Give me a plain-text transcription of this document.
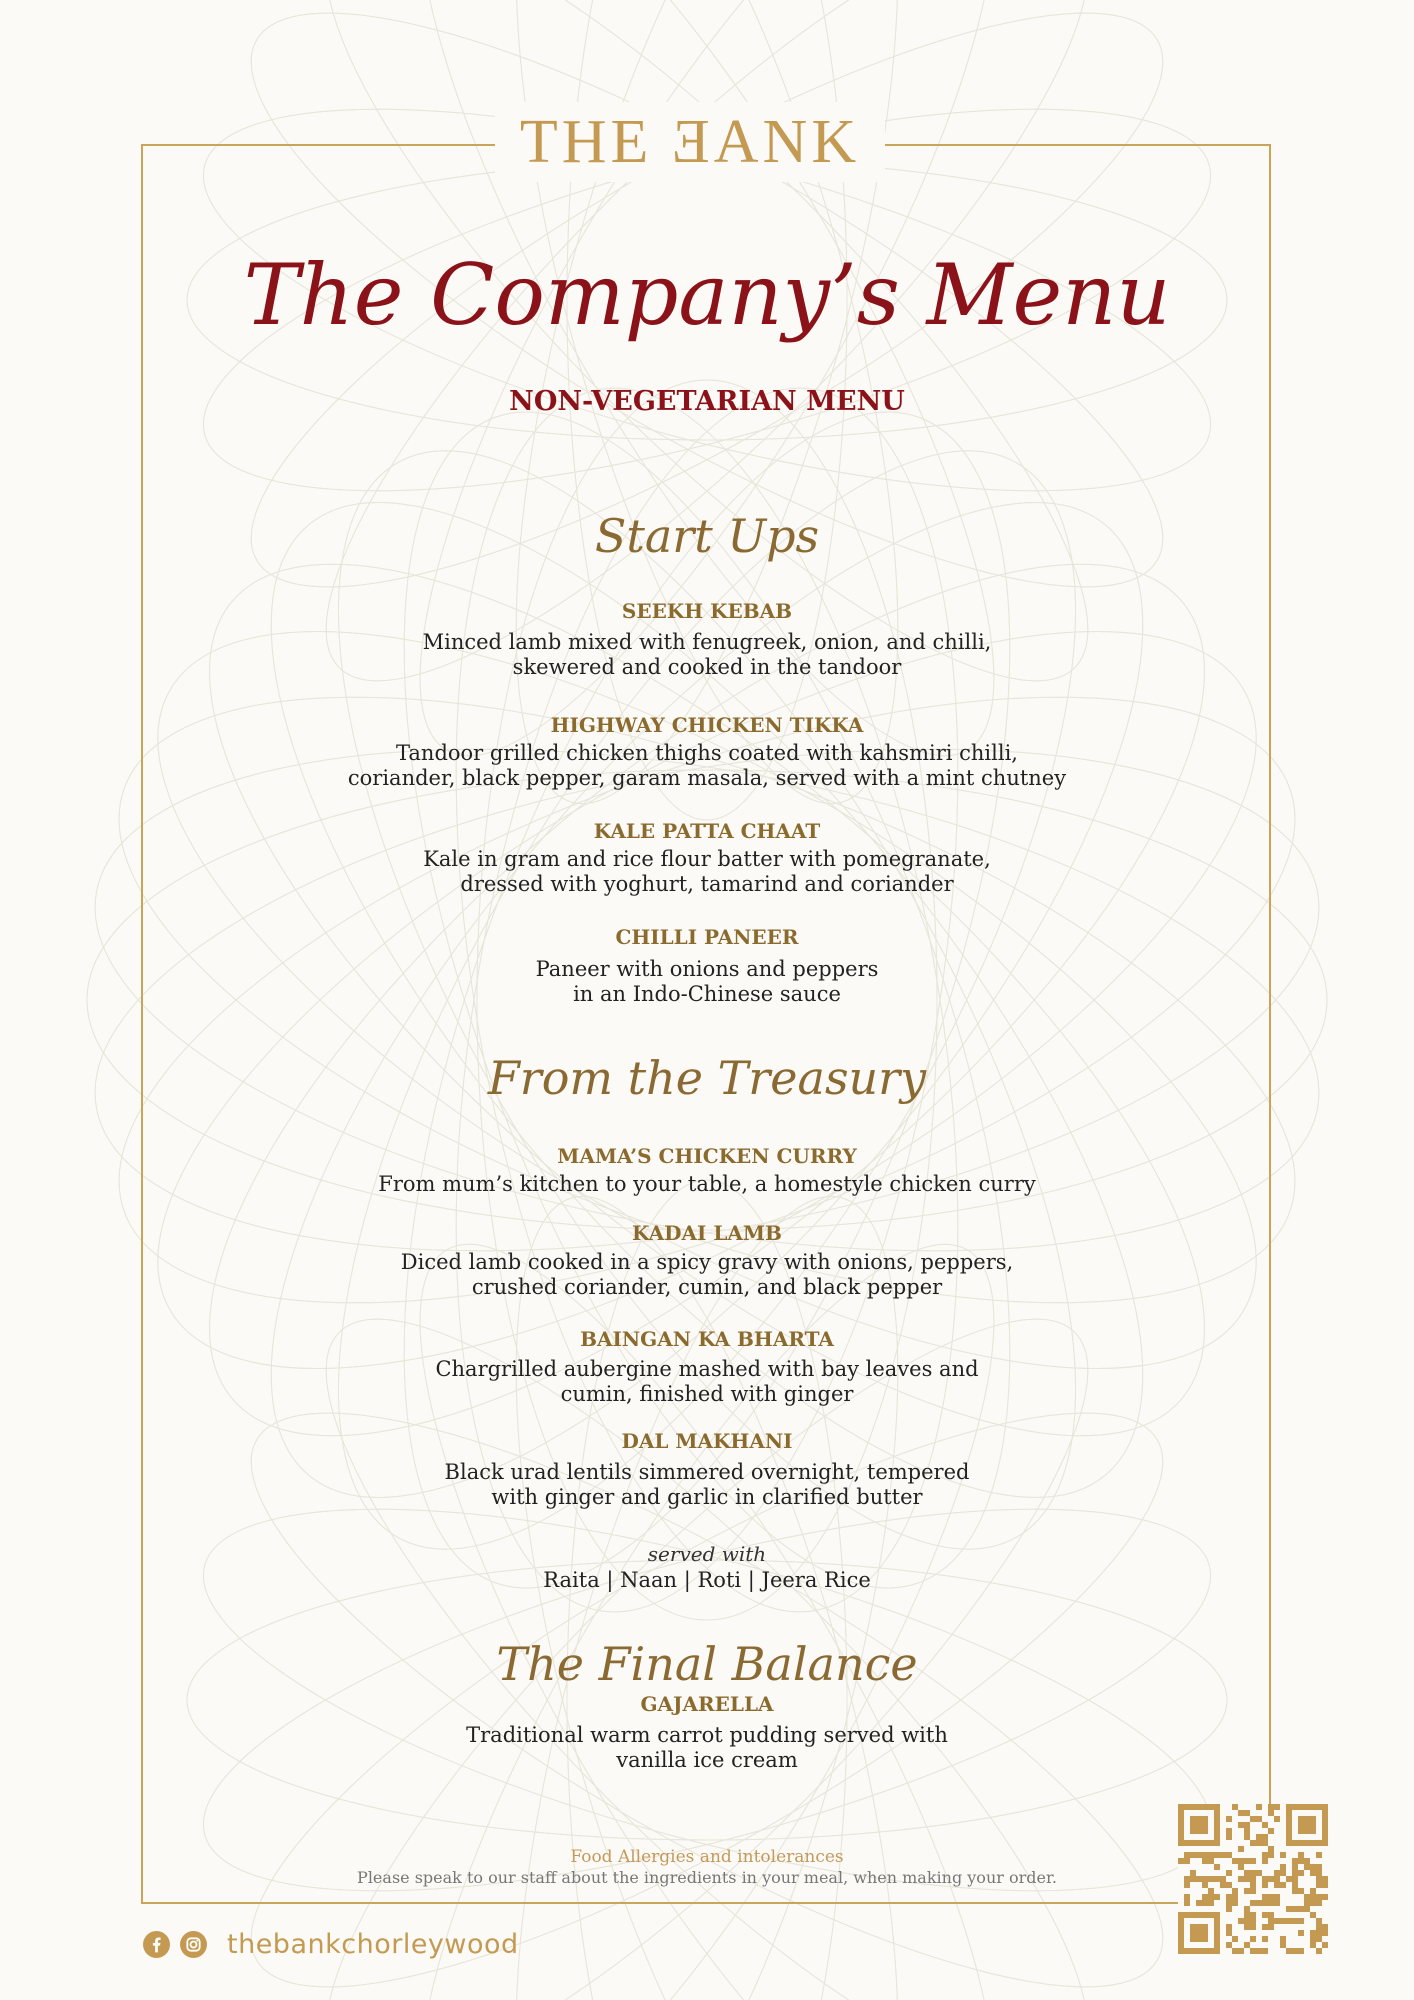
THE ƎANK
The Company’s Menu
NON-VEGETARIAN MENU
Start Ups
SEEKH KEBAB
Minced lamb mixed with fenugreek, onion, and chilli,
skewered and cooked in the tandoor
HIGHWAY CHICKEN TIKKA
Tandoor grilled chicken thighs coated with kahsmiri chilli,
coriander, black pepper, garam masala, served with a mint chutney
KALE PATTA CHAAT
Kale in gram and rice flour batter with pomegranate,
dressed with yoghurt, tamarind and coriander
CHILLI PANEER
Paneer with onions and peppers
in an Indo-Chinese sauce
From the Treasury
MAMA’S CHICKEN CURRY
From mum’s kitchen to your table, a homestyle chicken curry
KADAI LAMB
Diced lamb cooked in a spicy gravy with onions, peppers,
crushed coriander, cumin, and black pepper
BAINGAN KA BHARTA
Chargrilled aubergine mashed with bay leaves and
cumin, finished with ginger
DAL MAKHANI
Black urad lentils simmered overnight, tempered
with ginger and garlic in clarified butter
served with
Raita | Naan | Roti | Jeera Rice
The Final Balance
GAJARELLA
Traditional warm carrot pudding served with
vanilla ice cream
Food Allergies and intolerances
Please speak to our staff about the ingredients in your meal, when making your order.
thebankchorleywood
